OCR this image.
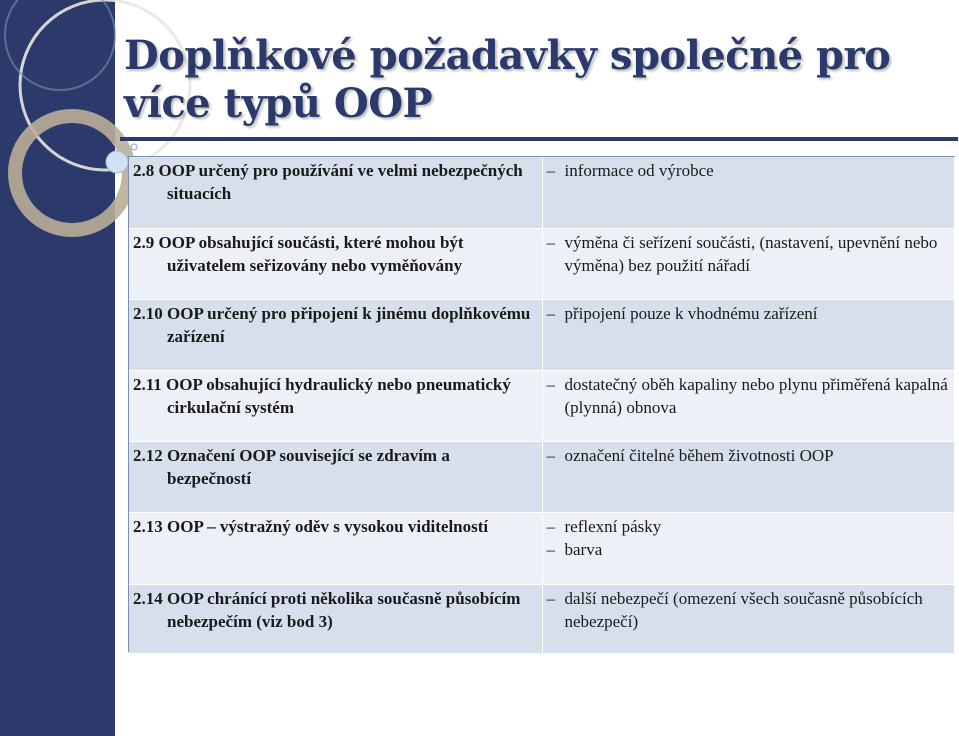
Doplňkové požadavky společné pro více typů OOP
2.8 OOP určený pro používání ve velmi nebezpečných situacích	– informace od výrobce

2.9 OOP obsahující součásti, které mohou být uživatelem seřizovány nebo vyměňovány	– výměna či seřízení součásti, (nastavení, upevnění nebo výměna) bez použití nářadí

2.10 OOP určený pro připojení k jinému doplňkovému zařízení	– připojení pouze k vhodnému zařízení

2.11 OOP obsahující hydraulický nebo pneumatický cirkulační systém	– dostatečný oběh kapaliny nebo plynu přiměřená kapalná (plynná) obnova

2.12 Označení OOP související se zdravím a bezpečností	– označení čitelné během životnosti OOP

2.13 OOP – výstražný oděv s vysokou viditelností	– reflexní pásky
– barva

2.14 OOP chránící proti několika současně působícím nebezpečím (viz bod 3)	– další nebezpečí (omezení všech současně působících nebezpečí)
